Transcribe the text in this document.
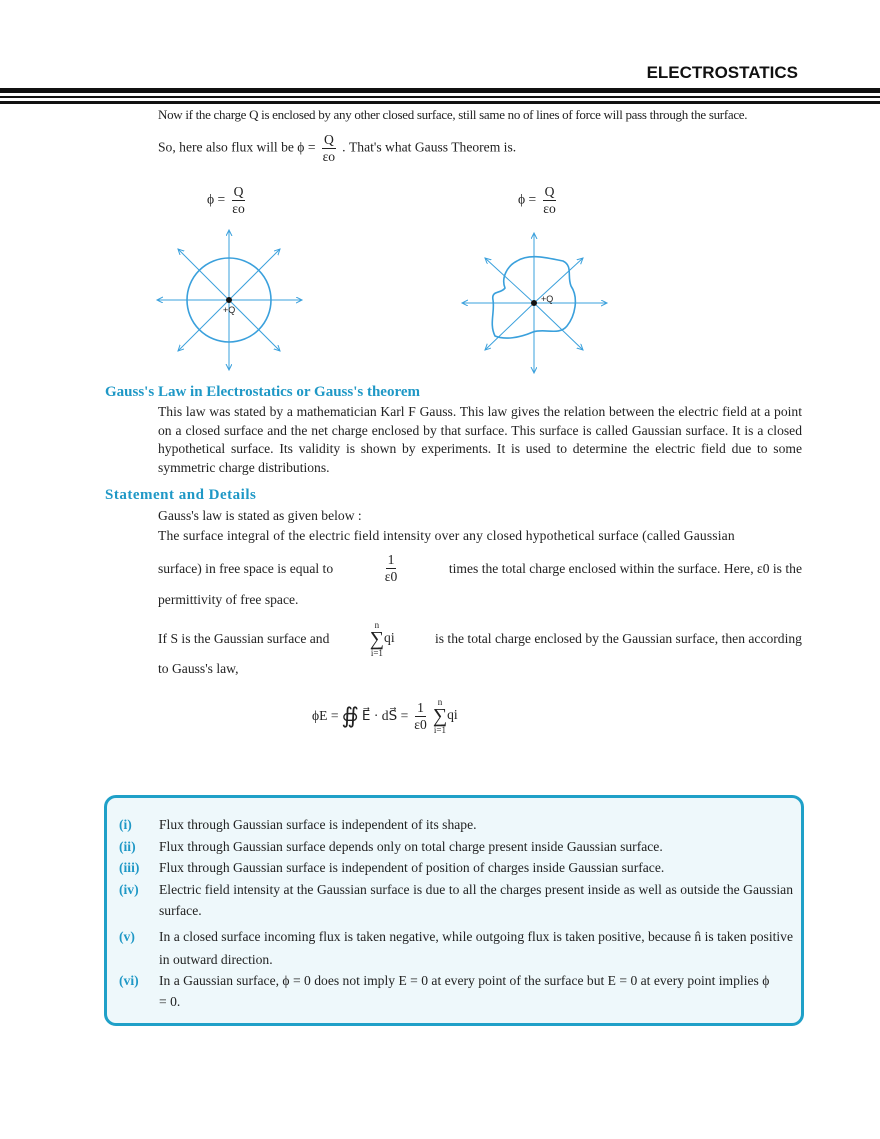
ELECTROSTATICS
Now if the charge Q is enclosed by any other closed surface, still same no of lines of force will pass through the surface.
So, here also flux will be $\phi = \frac{Q}{\varepsilon o}$ . That's what Gauss Theorem is.
$\phi = \frac{Q}{\varepsilon o}$
+Q
$\phi = \frac{Q}{\varepsilon o}$
+Q
Gauss's Law in Electrostatics or Gauss's theorem
This law was stated by a mathematician Karl F Gauss. This law gives the relation between the electric field at a point on a closed surface and the net charge enclosed by that surface. This surface is called Gaussian surface. It is a closed hypothetical surface. Its validity is shown by experiments. It is used to determine the electric field due to some symmetric charge distributions.
Statement and Details
Gauss's law is stated as given below :
The surface integral of the electric field intensity over any closed hypothetical surface (called Gaussian
surface) in free space is equal to	$\frac{1}{\varepsilon 0}$	times the total charge enclosed within the surface. Here, ε0 is the
permittivity of free space.
If S is the Gaussian surface and
n
∑
i=1
qi	is the total charge enclosed by the Gaussian surface, then according
to Gauss's law,
ϕE = ∯ E⃗ · dS⃗ = $\frac{1}{\varepsilon 0}$ n
∑
i=1
qi
(i) Flux through Gaussian surface is independent of its shape.
(ii) Flux through Gaussian surface depends only on total charge present inside Gaussian surface.
(iii) Flux through Gaussian surface is independent of position of charges inside Gaussian surface.
(iv) Electric field intensity at the Gaussian surface is due to all the charges present inside as well as outside the Gaussian surface.
(v) In a closed surface incoming flux is taken negative, while outgoing flux is taken positive, because n̂ is taken positive in outward direction.
(vi) In a Gaussian surface, ϕ = 0 does not imply E = 0 at every point of the surface but E = 0 at every point implies ϕ = 0.
